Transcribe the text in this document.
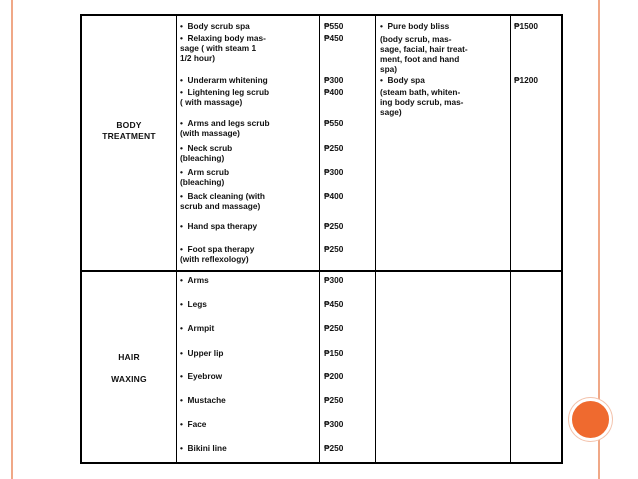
BODY
TREATMENT
•  Body scrub spa	₱550
•  Relaxing body mas-
sage ( with steam 1
1/2 hour)
₱450
•  Underarm whitening	₱300
•  Lightening leg scrub
( with massage)
₱400
•  Arms and legs scrub
(with massage)
₱550
•  Neck scrub
(bleaching)
₱250
•  Arm scrub
(bleaching)
₱300
•  Back cleaning (with
scrub and massage)
₱400
•  Hand spa therapy	₱250
•  Foot spa therapy
(with reflexology)
₱250
•  Pure body bliss	₱1500
(body scrub, mas-
sage, facial, hair treat-
ment, foot and hand
spa)
•  Body spa	₱1200
(steam bath, whiten-
ing body scrub, mas-
sage)
HAIR
WAXING
•  Arms	₱300
•  Legs	₱450
•  Armpit	₱250
•  Upper lip	₱150
•  Eyebrow	₱200
•  Mustache	₱250
•  Face	₱300
•  Bikini line	₱250
